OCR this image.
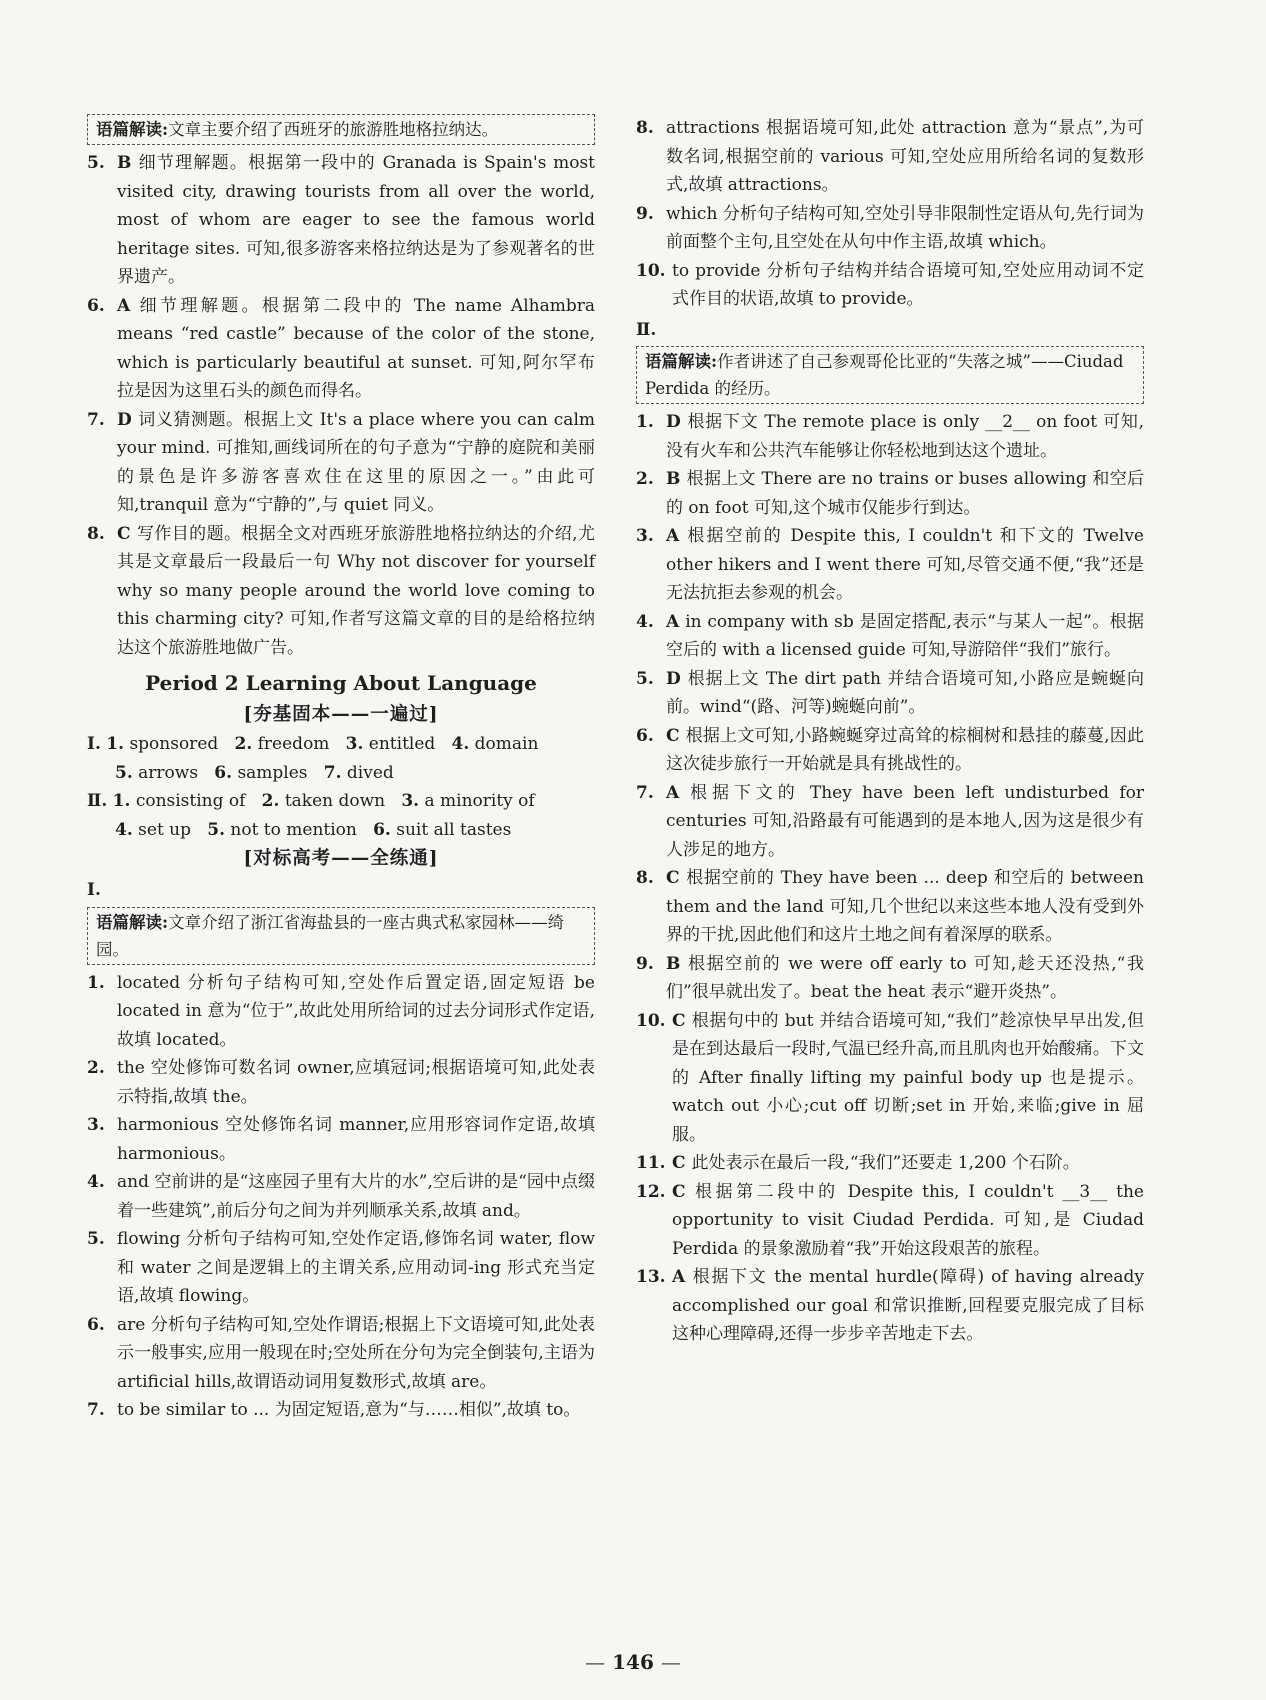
语篇解读:文章主要介绍了西班牙的旅游胜地格拉纳达。

5. B 细节理解题。根据第一段中的 Granada is Spain's most visited city, drawing tourists from all over the world, most of whom are eager to see the famous world heritage sites. 可知,很多游客来格拉纳达是为了参观著名的世界遗产。

6. A 细节理解题。根据第二段中的 The name Alhambra means “red castle” because of the color of the stone, which is particularly beautiful at sunset. 可知,阿尔罕布拉是因为这里石头的颜色而得名。

7. D 词义猜测题。根据上文 It's a place where you can calm your mind. 可推知,画线词所在的句子意为“宁静的庭院和美丽的景色是许多游客喜欢住在这里的原因之一。”由此可知,tranquil 意为“宁静的”,与 quiet 同义。

8. C 写作目的题。根据全文对西班牙旅游胜地格拉纳达的介绍,尤其是文章最后一段最后一句 Why not discover for yourself why so many people around the world love coming to this charming city? 可知,作者写这篇文章的目的是给格拉纳达这个旅游胜地做广告。

Period 2 Learning About Language
[夯基固本——一遍过]
Ⅰ. 1. sponsored 2. freedom 3. entitled 4. domain
5. arrows 6. samples 7. dived
Ⅱ. 1. consisting of 2. taken down 3. a minority of
4. set up 5. not to mention 6. suit all tastes
[对标高考——全练通]
Ⅰ.
语篇解读:文章介绍了浙江省海盐县的一座古典式私家园林——绮园。

1. located 分析句子结构可知,空处作后置定语,固定短语 be located in 意为“位于”,故此处用所给词的过去分词形式作定语,故填 located。

2. the 空处修饰可数名词 owner,应填冠词;根据语境可知,此处表示特指,故填 the。

3. harmonious 空处修饰名词 manner,应用形容词作定语,故填 harmonious。

4. and 空前讲的是“这座园子里有大片的水”,空后讲的是“园中点缀着一些建筑”,前后分句之间为并列顺承关系,故填 and。

5. flowing 分析句子结构可知,空处作定语,修饰名词 water, flow 和 water 之间是逻辑上的主谓关系,应用动词-ing 形式充当定语,故填 flowing。

6. are 分析句子结构可知,空处作谓语;根据上下文语境可知,此处表示一般事实,应用一般现在时;空处所在分句为完全倒装句,主语为 artificial hills,故谓语动词用复数形式,故填 are。

7. to be similar to ... 为固定短语,意为“与……相似”,故填 to。

8. attractions 根据语境可知,此处 attraction 意为“景点”,为可数名词,根据空前的 various 可知,空处应用所给名词的复数形式,故填 attractions。

9. which 分析句子结构可知,空处引导非限制性定语从句,先行词为前面整个主句,且空处在从句中作主语,故填 which。

10. to provide 分析句子结构并结合语境可知,空处应用动词不定式作目的状语,故填 to provide。

Ⅱ.
语篇解读:作者讲述了自己参观哥伦比亚的“失落之城”——Ciudad Perdida 的经历。

1. D 根据下文 The remote place is only __2__ on foot 可知,没有火车和公共汽车能够让你轻松地到达这个遗址。

2. B 根据上文 There are no trains or buses allowing 和空后的 on foot 可知,这个城市仅能步行到达。

3. A 根据空前的 Despite this, I couldn't 和下文的 Twelve other hikers and I went there 可知,尽管交通不便,“我”还是无法抗拒去参观的机会。

4. A in company with sb 是固定搭配,表示“与某人一起”。根据空后的 with a licensed guide 可知,导游陪伴“我们”旅行。

5. D 根据上文 The dirt path 并结合语境可知,小路应是蜿蜒向前。wind“(路、河等)蜿蜒向前”。

6. C 根据上文可知,小路蜿蜒穿过高耸的棕榈树和悬挂的藤蔓,因此这次徒步旅行一开始就是具有挑战性的。

7. A 根据下文的 They have been left undisturbed for centuries 可知,沿路最有可能遇到的是本地人,因为这是很少有人涉足的地方。

8. C 根据空前的 They have been ... deep 和空后的 between them and the land 可知,几个世纪以来这些本地人没有受到外界的干扰,因此他们和这片土地之间有着深厚的联系。

9. B 根据空前的 we were off early to 可知,趁天还没热,“我们”很早就出发了。beat the heat 表示“避开炎热”。

10. C 根据句中的 but 并结合语境可知,“我们”趁凉快早早出发,但是在到达最后一段时,气温已经升高,而且肌肉也开始酸痛。下文的 After finally lifting my painful body up 也是提示。watch out 小心;cut off 切断;set in 开始,来临;give in 屈服。

11. C 此处表示在最后一段,“我们”还要走 1,200 个石阶。

12. C 根据第二段中的 Despite this, I couldn't __3__ the opportunity to visit Ciudad Perdida. 可知,是 Ciudad Perdida 的景象激励着“我”开始这段艰苦的旅程。

13. A 根据下文 the mental hurdle(障碍) of having already accomplished our goal 和常识推断,回程要克服完成了目标这种心理障碍,还得一步步辛苦地走下去。

— 146 —
